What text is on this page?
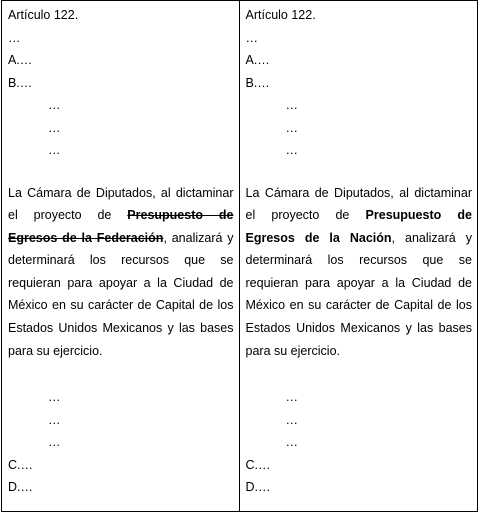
Artículo 122.
…
A.…
B.…
…
…
…
La Cámara de Diputados, al dictaminar el proyecto de Presupuesto de Egresos de la Federación, analizará y determinará los recursos que se requieran para apoyar a la Ciudad de México en su carácter de Capital de los Estados Unidos Mexicanos y las bases para su ejercicio.
…
…
…
C.…
D.…
Artículo 122.
…
A.…
B.…
…
…
…
La Cámara de Diputados, al dictaminar el proyecto de Presupuesto de Egresos de la Nación, analizará y determinará los recursos que se requieran para apoyar a la Ciudad de México en su carácter de Capital de los Estados Unidos Mexicanos y las bases para su ejercicio.
…
…
…
C.…
D.…
